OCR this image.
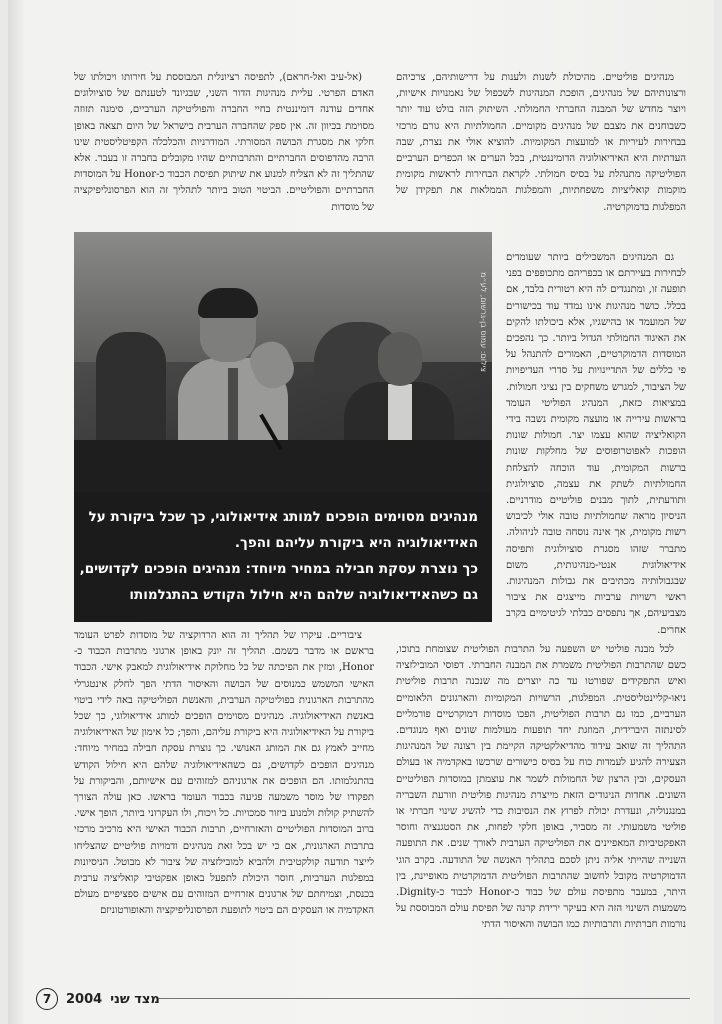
מנהיגים פוליטיים. מהיכולת לשנות ולענות על דרישותיהם, צרכיהם ורצונותיהם של מנהיגים, הופכת המנהיגות לשכפול של נאמנויות אישיות, ויוצר מחדש של המבנה החברתי החמולתי. השיתוק הזה בולט עוד יותר כשבוחנים את מצבם של מנהיגים מקומיים. החמולתיות היא גורם מרכזי בבחירות לעיריות או למועצות המקומיות. להוציא אולי את נצרת, שבה העדתיות היא האידיאולוגיה הדומיננטית, בכל הערים או הכפרים הערביים הפוליטיקה מתנהלת על בסיס חמולתי. לקראת הבחירות לראשות מקומית מוקמות קואליציות משפחתיות, והמפלגות הממלאות את תפקידן של המפלגות בדמוקרטיה.

גם המנהיגים המשכילים ביותר שעומדים לבחירות בעיירתם או בכפריהם מתכופפים בפני תופעה זו, ומתנגדים לה היא רטורית בלבד, אם בכלל. כושר מנהיגות אינו נמדד עוד בכישורים של המועמד או בהישגיו, אלא ביכולתו להקים את האיגוד החמולתי הגדול ביותר. כך נהפכים המוסדות הדמוקרטיים, האמורים להתנהל על פי כללים של התדיינויות על סדרי העדיפויות של הציבור, למגרש משחקים בין נציגי חמולות. במציאות כזאת, המנהיג הפוליטי העומד בראשות עירייה או מועצה מקומית נשבה בידי הקואליציה שהוא עצמו יצר. חמולות שונות הופכות לאפוטרופוסים של מחלקות שונות ברשות המקומית, עוד הוכחה להצלחת החמולתיות לשתק את עצמה, סוציולוגית ותודעתית, לתוך מבנים פוליטיים מודרניים. הניסיון מראה שחמולתיות טובה אולי לכיבוש רשות מקומית, אך אינה נוסחה טובה לניהולה. מתברר שזהו מסגרת סוציולוגית ותפיסה אידיאולוגית אנטי-מנהיגותית, משום שבגבולותיה מכתיבים את גבולות המנהיגות. ראשי רשויות ערביות מייצגים את ציבור מצביעיהם, אך נתפסים כבלתי לגיטימיים בקרב אחרים.

לכל מבנה פוליטי יש השפעה על התרבות הפוליטית שצומחת בתוכו, כשם שהתרבות הפוליטית משמרת את המבנה החברתי. דפוסי המובילזציה ואיש התפקידים שפורטו עד כה יוצרים מה שנכנה תרבות פוליטית ניאו-קליינטליסטית. המפלגות, הרשויות המקומיות והארגונים הלאומיים הערביים, כמו גם תרבות הפוליטית, הפכו מוסדות דמוקרטיים פורמליים לסינתזה היברידית, המוזגת יחד תופעות מעולמות שונים ואף מנוגדים. התהליך זה שואב עידוד מהדיאלקטיקה הקיימת בין רצונה של המנהיגות הצעירה להגיע לעמדות כוח על בסיס כישורים שרכשו באקדמיה או בעולם העסקים, ובין הרצון של החמולות לשמר את עוצמתן במוסדות הפוליטיים השונים. אחדות הניגודים הזאת מייצרת מנהיגות פוליטית וזורעת השבריה במנגנוליה, ונעדרת יכולת לפרוץ את הנסיבות כדי להשיג שינוי חברתי או פוליטי משמעותי. זה מסביר, באופן חלקי לפחות, את הסטגנציה וחוסר האפקטיביות המאפיינים את הפוליטיקה הערבית לאורך שנים. את התופעה השנייה שהייתי אליה ניתן לסכם בתהליך האנשה של התודעה. בקרב הוגי הדמוקרטיה מקובל לחשוב שהתרבות הפוליטית הדמוקרטית מאופיינת, בין היתר, במעבר מתפיסת עולם של כבוד כ-Honor לכבוד כ-Dignity. משמעות השינוי הזה היא בעיקר ירידת קרנה של תפיסת עולם המבוססת על נורמות חברתיות ותרבותיות כמו הבושה והאיסור הדתי

(אל-עיב ואל-חראם), לתפיסה רציונלית המבוססת על חירותו ויכולתו של האדם הפרטי. עליית מנהיגות הדור השני, שבגיונד לטענתם של סוציולוגים אחדים עודנה דומיננטית בחיי החברה והפוליטיקה הערביים, סימנה תזוזה מסוימת בכיוון זה. אין ספק שהחברה הערבית בישראל של היום תצאה באופן חלקי את מסגרת הבושה המסורתי. המודרניות והכלכלה הקפיטליסטית שינו הרבה מהדפוסים החברתיים והתרבותיים שהיו מקובלים בחברה זו בעבר. אלא שהתליך זה לא הצליח למנוע את שיתוק תפיסת הכבוד כ-Honor על המוסדות החברתיים והפוליטיים. הביטוי הטוב ביותר לתהליך זה הוא הפרסונליפיקציה של מוסדות

ציבוריים. עיקרו של תהליך זה הוא הרדוקציה של מוסדות לפרט העומד בראשם או מדבר בשמם. תהליך זה יונק באופן ארגוני מתרבות הכבוד כ-Honor, ומזין את הפיכתה של כל מחלוקת אידיאולוגית למאבק אישי. הכבוד האישי המשמש כמנוסים של הבושה והאיסור הדתי הפך לחלק אינטגרלי מהתרבות הארגונית בפוליטיקה הערבית, והאנשת הפוליטיקה באה לידי ביטוי באנשת האידיאולוגיה. מנהיגים מסוימים הופכים למותג אידיאולוגי, כך שכל ביקורת על האידיאולוגיה היא ביקורת עליהם, והפך; כל אימון של האידיאולוגיה מחייב לאמץ גם את המותג האנושי. כך נוצרת עסקת חבילה במחיר מיוחד: מנהיגים הופכים לקדושים, גם כשהאידיאולוגיה שלהם היא חילול הקודש בהתגלמותו. הם הופכים את ארגוניהם למזוהים עם אישיותם, והביקורת על תפקודו של מוסד משמעה פגיעה בכבוד העומד בראשו. כאן עולה הצורך להשתיק קולות ולמנוע ביזור סמכויות. כל ויכוח, ולו העקרוני ביותר, הופך אישי. ברוב המוסדות הפוליטיים והאזרחיים, תרבות הכבוד האישי היא מרכיב מרכזי בתרבות הארגונית, אם כי יש בכל זאת מנהיגים ודמויות פוליטיים שהצליחו לייצר תודעה קולקטיבית ולהביא למובילזציה של ציבור לא מבוטל. הניסיונות במפלגות הערביות, חוסר היכולת לתפעל באופן אפקטיבי קואליציה ערבית בכנסת, וצמיחתם של ארגונים אזרחיים המזוהים עם אישים ספציפיים מעולם האקדמיה או העסקים הם ביטוי לתופעת הפרסונליפיקציה והאופורטוניזם

צילום: עמוס בן-גרשום, לע״מ
מנהיגים מסוימים הופכים למותג אידיאולוגי, כך שכל ביקורת על
האידיאולוגיה היא ביקורת עליהם והפך.
כך נוצרת עסקת חבילה במחיר מיוחד: מנהיגים הופכים לקדושים,
גם כשהאידיאולוגיה שלהם היא חילול הקודש בהתגלמותו
7	2004 מצד שני
